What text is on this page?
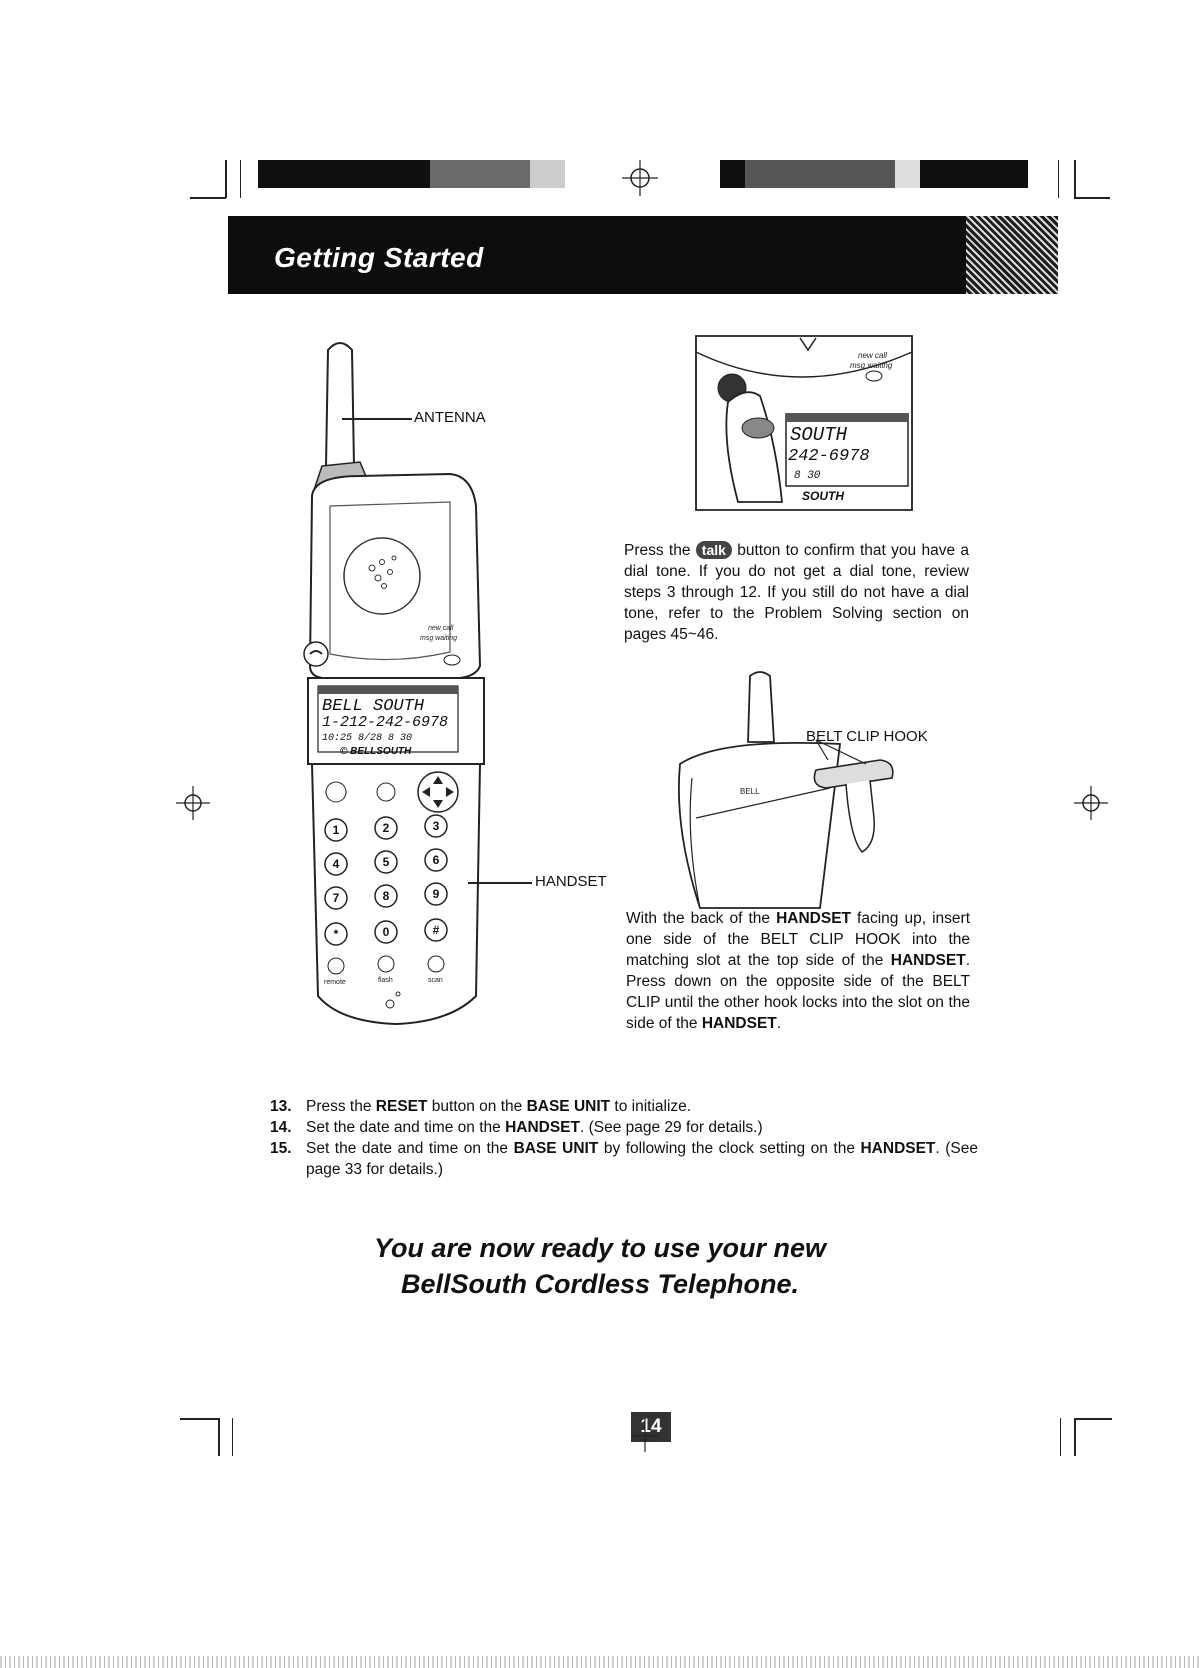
Getting Started
new call
msg waiting
BELL SOUTH
1-212-242-6978
10:25 8/28 8 30
© BELLSOUTH
1	2	3
4	5	6
7	8	9
*	0	#
remote	flash	scan
ANTENNA
HANDSET
new call
msg waiting
SOUTH
242-6978
8 30
SOUTH

Press the talk button to confirm that you have a dial tone. If you do not get a dial tone, review steps 3 through 12. If you still do not have a dial tone, refer to the Problem Solving section on pages 45~46.

BELL
BELT CLIP HOOK

With the back of the HANDSET facing up, insert one side of the BELT CLIP HOOK into the matching slot at the top side of the HANDSET. Press down on the opposite side of the BELT CLIP until the other hook locks into the slot on the side of the HANDSET.

13. Press the RESET button on the BASE UNIT to initialize.
14. Set the date and time on the HANDSET. (See page 29 for details.)
15. Set the date and time on the BASE UNIT by following the clock setting on the HANDSET. (See page 33 for details.)
You are now ready to use your new
BellSouth Cordless Telephone.
14
